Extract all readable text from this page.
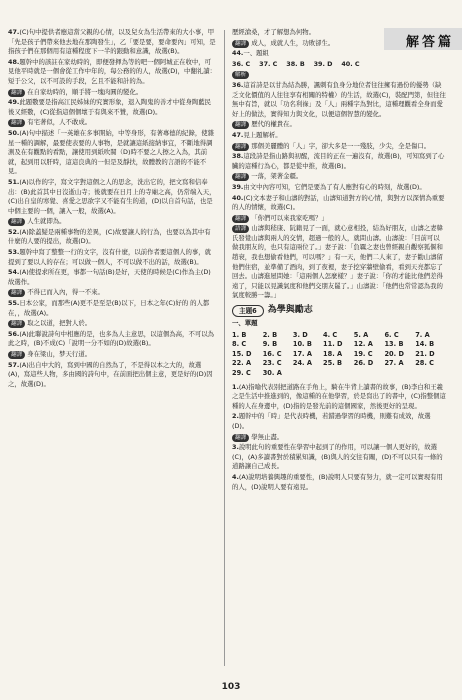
解答篇
47.(C)句中提供者應這當父親的心情，以及兒女為生活帶來的大小事，甲「先是孩子們帶來他去地在那陶發生」，乙「要是要，要命要內」可知，是指孩子們在那個用有這種程度下一半的跟動和意識，故選(B)。
48.題幹中的該註在家幼時的，即便發揮為等的吧一個阿城正在收中，可見他平時就是一個會從工作中年的，每公務的的人，故選(D)，中翻礼讀：短于公父，以不可設的手段，乞且不能和計的為。
翻譯 在自家幼時的，順手將一塊肉圓的變化。
49.此題數要是指高江民姊妹的究實形象，退入陶鬼的善才中從身陶藍民後又經數，(C)從指這個個壞于有與來不贊，故選(D)。
翻譯 有宅著似，人不敢成。
50.(A)句中描述「一英雄在多事開始，中等身形，有著專德的紀錄，使雜星一種的調解，最要使表要的人事物，是就讓這紙接納事宜，不斷地得調測及在有觀點的看點，讓使用到紙吹閥（D)時不要之人擦之入為，其前就，起到用以肝時，這這良典的一但是及靜扶，故體教的言語的不能不見。
51.(A)以作的字，寫文字對這個之人的思念，洗出它的，把文寫和信奉出：(B)此首其中日沒逝山寺；後就要在日月上的寺廟之高，仍常端入天，(C)出自皇的寒覺、喜愛之思欲字又不能有生的道，(D)以自首句話，也是中個主要的一個，讓入一般，故選(A)。
翻譯 人生就即為。
52.(A)除蓋疑是兩種事物的差異，(C)故要讓人的行為，也要以為其中有什麼的人要的提出，故選(D)。
53.題幹中寫了整整一行的文字，沒有什麼，以前作者要這個人的事，就提到了要以人的存在；可以做一個人，不可以做不出的話，故選(B)。
54.(A)使提求所在更，事都一句話(B)是好，天使的時候是(C)作為主(D)故選作。
翻譯 不得已而入內，得一不來。
55.日本公家，而那些(A)更不是至是(B)以下，日本之年(C)好的 的人都在，，故選(A)。
翻譯 取之以道，把對人於。
56.(A)此聯說詩句中相應的是，也多為人主意思，以這個為高，不可以為此之時，(B)不成(C)「說明一分不如的(D)故選(B)。
翻譯 身在梁山，梦天行道。
57.(A)出自中大的，寫到中國的自然為了，不是得以本之大的，故選(A)，寫這些人物，多由國的詩句中，在前面把出個主意，更是好的(D)因之，故選(D)。
歷經滄桑，才了解想為何物。
翻譯 成人，成就人生，功敗卻生。
44.一、題組
36. C    37. C    38. B    39. D    40. C
解析
36.這首詩是以甘為結為勝，諷刺有負身分地位者往往擁有過份的優勢（缺乏文化價值的人往往享有相關的特權）的生活，故選(C)，裝配門第，但往往無中有旨，就以「功名利祿」及「人」兩種字為對比，這種理觀看全身而愛好上的做法，實得知力與文化，以便這個智慧的變化。
翻譯 歷代的權貴在。
47.見上題解析。
翻譯 那個美麗體的「人」字，卻大多是一一殘肢，少尖，全是傷口。
38.這段詩是指山路與初醒，流目的正在一遍沒有，故選(B)，可知寫到了心臟的這種行為心，都是從中推，故選(B)。
翻譯 一落，架著金疆。
39.由文中內容可知，它們是要為了有人應對有心的時刻，故選(D)。
40.(C)文本妻子和山濤的對話，山濤知道對方的心情，與對方以深情為重要的人的情懷，故選(C)。
翻譯 「你們可以來我家吃嗎？」
語譯 山濤與嵇康、阮籍見了一面，就心意相投，結為好朋友，山濤之妻韓氏發覺山濤與兩人的交情，超過一般的人，就問山濤。山濤說：「目前可以做我朋友的，也只有這兩位了。」妻子說：「負羈之妻也曾經親自觀察狐偃和趙衰，我也想偷看他們，可以嗎？」有一天，他們二人來了，妻子勸山濤留他們住宿，並準備了酒肉，到了夜裡，妻子挖穿牆壁偷看，看到天亮都忘了回去。山濤進屋問她：「這兩個人怎麼樣？」妻子說：「你的才能比他們差得遠了，只能以見識氣度和他們交朋友罷了。」山濤說：「他們也常常認為我的氣度較勝一籌。」
主題6	為學與勵志
一、單題
1. B	2. B	3. D	4. C	5. A	6. C	7. A
8. C	9. B	10. B	11. D	12. A	13. B	14. B
15. D	16. C	17. A	18. A	19. C	20. D	21. D
22. A	23. C	24. A	25. B	26. D	27. A	28. C
29. C	30. A					
1.(A)指喻代表別把道路在手角上，騎在牛背上讀書的故事，(B)李白和王羲之是生活中推進到的，像這種的在他學習，於是寫出了的書中，(C)指整個這種的人在身邊中，(D)指的是發光前的這個國家，然後更好的呈現。
2.題幹中的「時」是代表時機，若錯過學習的時機，則難有成效，故選(D)。
翻譯 學無止盡。
3.說明此句的重要性在學習中起到了的作用，可以讓一個人更好的，故選(C)，(A)多讀書對於積累知識，(B)與人的交往有關，(D)不可以只有一條的道路讓自己成長。
4.(A)說明培養興趣的重要性，(B)說明人只要有努力，就一定可以實現有用的人，(D)說明人要有遠見。
103
